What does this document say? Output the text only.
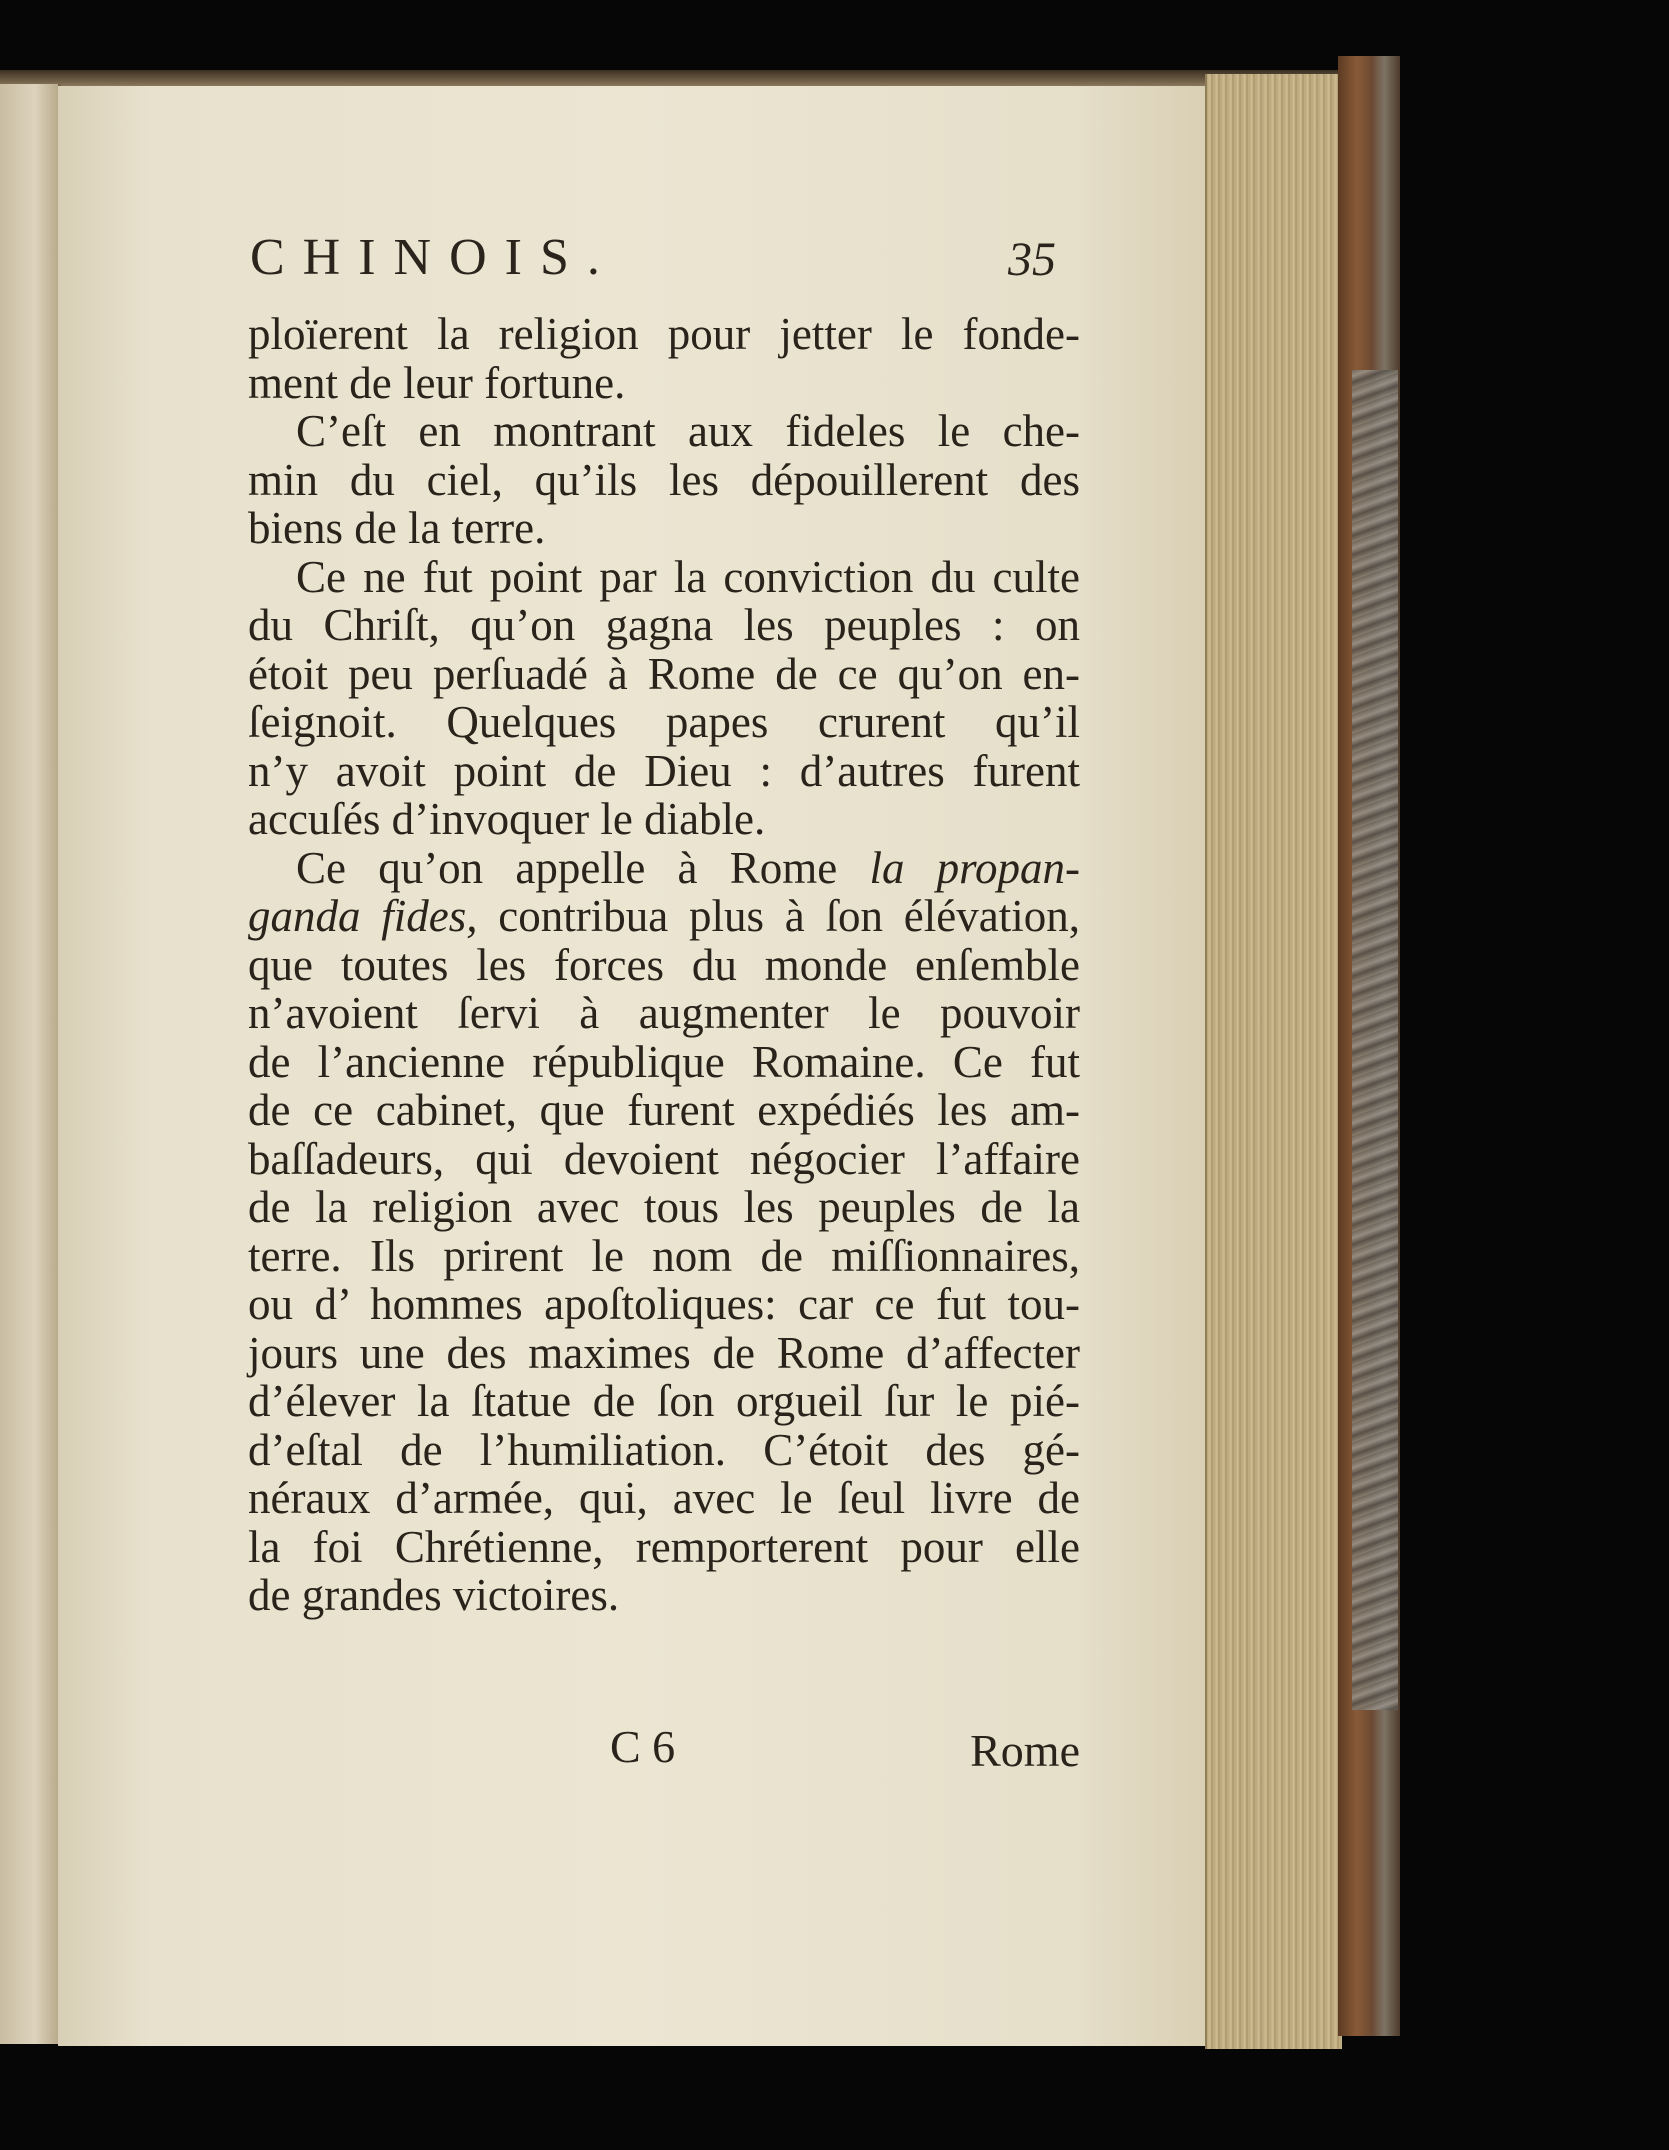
CHINOIS.	35
ploïerent la religion pour jetter le fonde-
ment de leur fortune.
C’eſt en montrant aux fideles le che-
min du ciel, qu’ils les dépouillerent des
biens de la terre.
Ce ne fut point par la conviction du culte
du Chriſt, qu’on gagna les peuples : on
étoit peu perſuadé à Rome de ce qu’on en-
ſeignoit. Quelques papes crurent qu’il
n’y avoit point de Dieu : d’autres furent
accuſés d’invoquer le diable.
Ce qu’on appelle à Rome la propan-
ganda fides, contribua plus à ſon élévation,
que toutes les forces du monde enſemble
n’avoient ſervi à augmenter le pouvoir
de l’ancienne république Romaine. Ce fut
de ce cabinet, que furent expédiés les am-
baſſadeurs, qui devoient négocier l’affaire
de la religion avec tous les peuples de la
terre. Ils prirent le nom de miſſionnaires,
ou d’ hommes apoſtoliques: car ce fut tou-
jours une des maximes de Rome d’affecter
d’élever la ſtatue de ſon orgueil ſur le pié-
d’eſtal de l’humiliation. C’étoit des gé-
néraux d’armée, qui, avec le ſeul livre de
la foi Chrétienne, remporterent pour elle
de grandes victoires.
C 6	Rome
